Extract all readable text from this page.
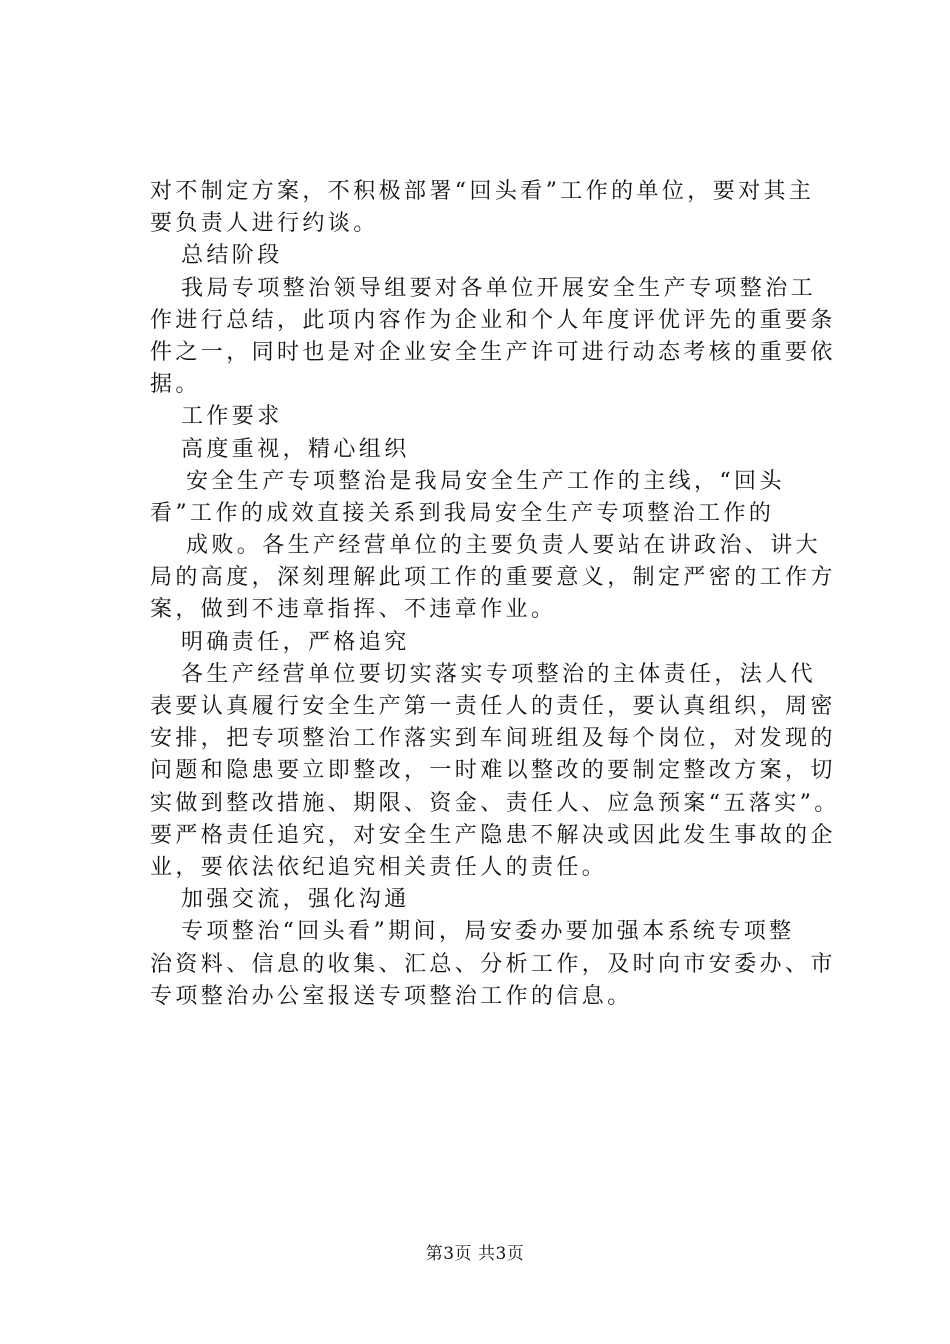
对不制定方案，不积极部署“回头看”工作的单位，要对其主

要负责人进行约谈。

总结阶段

我局专项整治领导组要对各单位开展安全生产专项整治工

作进行总结，此项内容作为企业和个人年度评优评先的重要条

件之一，同时也是对企业安全生产许可进行动态考核的重要依

据。

工作要求

高度重视，精心组织

安全生产专项整治是我局安全生产工作的主线，“回头

看”工作的成效直接关系到我局安全生产专项整治工作的

成败。各生产经营单位的主要负责人要站在讲政治、讲大

局的高度，深刻理解此项工作的重要意义，制定严密的工作方

案，做到不违章指挥、不违章作业。

明确责任，严格追究

各生产经营单位要切实落实专项整治的主体责任，法人代

表要认真履行安全生产第一责任人的责任，要认真组织，周密

安排，把专项整治工作落实到车间班组及每个岗位，对发现的

问题和隐患要立即整改，一时难以整改的要制定整改方案，切

实做到整改措施、期限、资金、责任人、应急预案“五落实”。

要严格责任追究，对安全生产隐患不解决或因此发生事故的企

业，要依法依纪追究相关责任人的责任。

加强交流，强化沟通

专项整治“回头看”期间，局安委办要加强本系统专项整

治资料、信息的收集、汇总、分析工作，及时向市安委办、市

专项整治办公室报送专项整治工作的信息。

第3页 共3页
